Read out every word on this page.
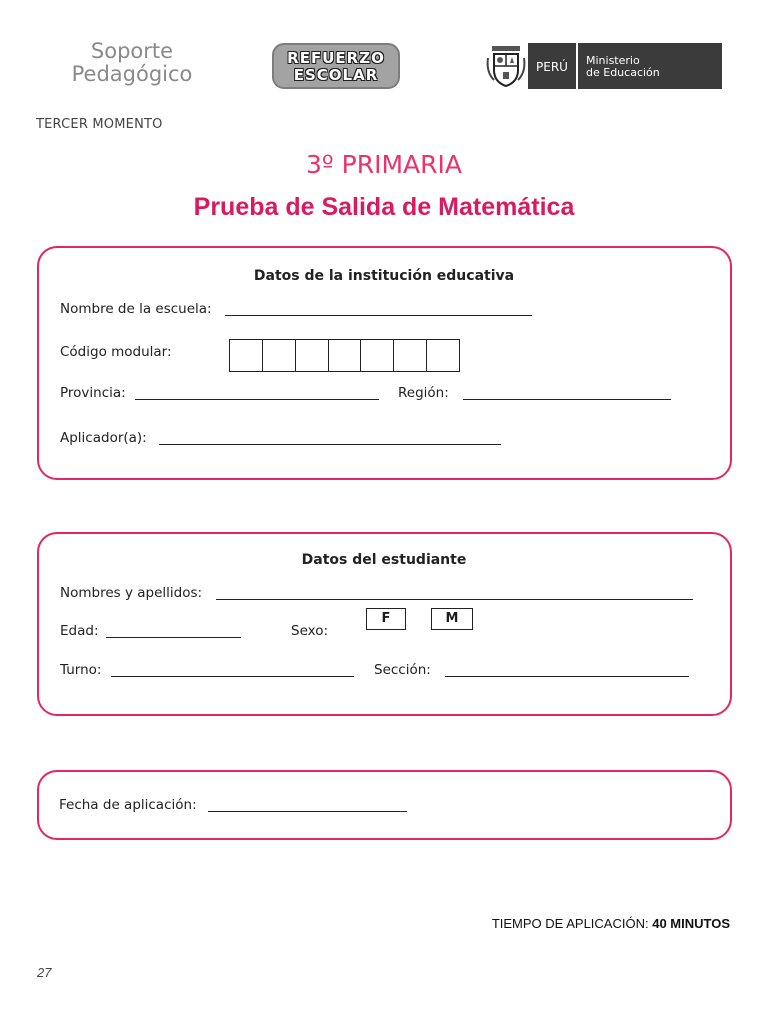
Soporte
Pedagógico
REFUERZO
ESCOLAR	PERÚ Ministerio
de Educación
TERCER MOMENTO
3º PRIMARIA
Prueba de Salida de Matemática
Datos de la institución educativa
Nombre de la escuela:
Código modular:
Provincia:	Región:
Aplicador(a):
Datos del estudiante
Nombres y apellidos:
Edad:	Sexo:
F	M
Turno:	Sección:
Fecha de aplicación:
TIEMPO DE APLICACIÓN: 40 MINUTOS
27
